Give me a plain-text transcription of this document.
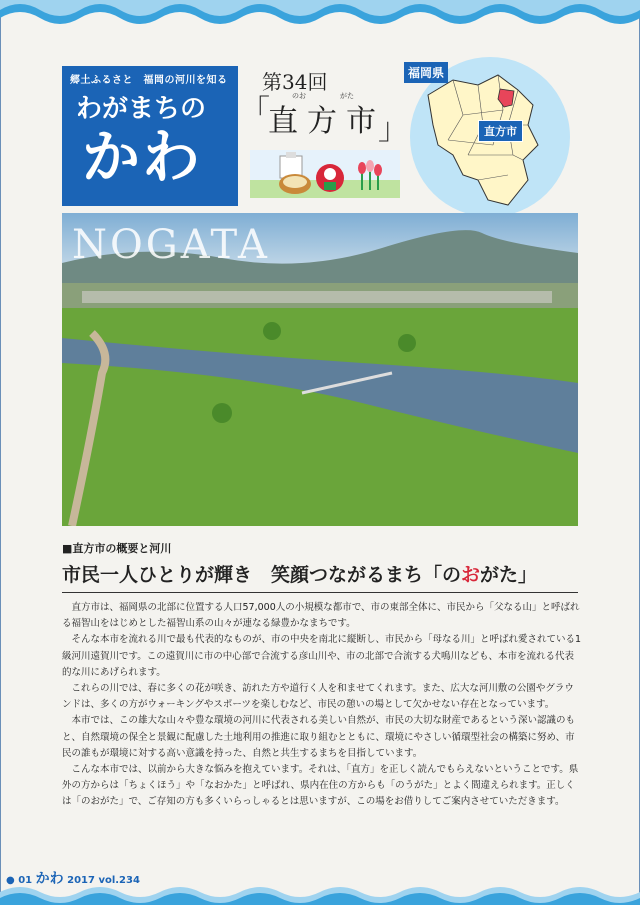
郷土ふるさと　福岡の河川を知る
わがまちの
かわ
第34回
「	のお	がた
直方市
」
福岡県
直方市
NOGATA
■直方市の概要と河川
市民一人ひとりが輝き　笑顔つながるまち「のおがた」

直方市は、福岡県の北部に位置する人口57,000人の小規模な都市で、市の東部全体に、市民から「父なる山」と呼ばれる福智山をはじめとした福智山系の山々が連なる緑豊かなまちです。

そんな本市を流れる川で最も代表的なものが、市の中央を南北に縦断し、市民から「母なる川」と呼ばれ愛されている1級河川遠賀川です。この遠賀川に市の中心部で合流する彦山川や、市の北部で合流する犬鳴川なども、本市を流れる代表的な川にあげられます。

これらの川では、春に多くの花が咲き、訪れた方や道行く人を和ませてくれます。また、広大な河川敷の公園やグラウンドは、多くの方がウォーキングやスポーツを楽しむなど、市民の憩いの場として欠かせない存在となっています。

本市では、この雄大な山々や豊な環境の河川に代表される美しい自然が、市民の大切な財産であるという深い認識のもと、自然環境の保全と景観に配慮した土地利用の推進に取り組むとともに、環境にやさしい循環型社会の構築に努め、市民の誰もが環境に対する高い意識を持った、自然と共生するまちを目指しています。

こんな本市では、以前から大きな悩みを抱えています。それは、「直方」を正しく読んでもらえないということです。県外の方からは「ちょくほう」や「なおかた」と呼ばれ、県内在住の方からも「のうがた」とよく間違えられます。正しくは「のおがた」で、ご存知の方も多くいらっしゃるとは思いますが、この場をお借りしてご案内させていただきます。

● 01 かわ 2017 vol.234
